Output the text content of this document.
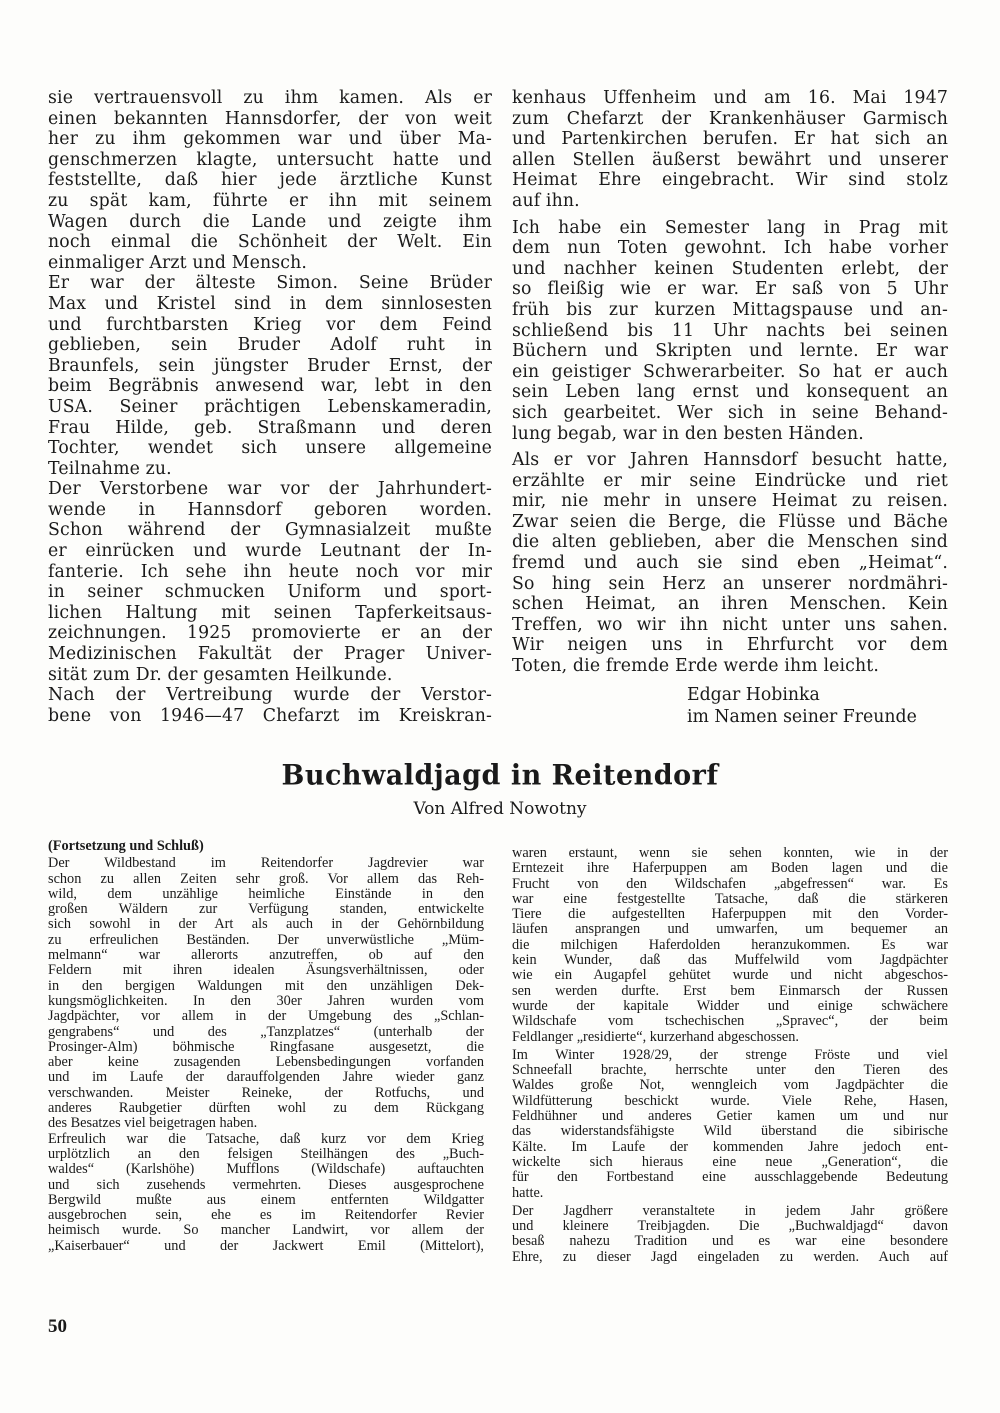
sie vertrauensvoll zu ihm kamen. Als er
einen bekannten Hannsdorfer, der von weit
her zu ihm gekommen war und über Ma-
genschmerzen klagte, untersucht hatte und
feststellte, daß hier jede ärztliche Kunst
zu spät kam, führte er ihn mit seinem
Wagen durch die Lande und zeigte ihm
noch einmal die Schönheit der Welt. Ein
einmaliger Arzt und Mensch.
Er war der älteste Simon. Seine Brüder
Max und Kristel sind in dem sinnlosesten
und furchtbarsten Krieg vor dem Feind
geblieben, sein Bruder Adolf ruht in
Braunfels, sein jüngster Bruder Ernst, der
beim Begräbnis anwesend war, lebt in den
USA. Seiner prächtigen Lebenskameradin,
Frau Hilde, geb. Straßmann und deren
Tochter, wendet sich unsere allgemeine
Teilnahme zu.
Der Verstorbene war vor der Jahrhundert-
wende in Hannsdorf geboren worden.
Schon während der Gymnasialzeit mußte
er einrücken und wurde Leutnant der In-
fanterie. Ich sehe ihn heute noch vor mir
in seiner schmucken Uniform und sport-
lichen Haltung mit seinen Tapferkeitsaus-
zeichnungen. 1925 promovierte er an der
Medizinischen Fakultät der Prager Univer-
sität zum Dr. der gesamten Heilkunde.
Nach der Vertreibung wurde der Verstor-
bene von 1946—47 Chefarzt im Kreiskran-
kenhaus Uffenheim und am 16. Mai 1947
zum Chefarzt der Krankenhäuser Garmisch
und Partenkirchen berufen. Er hat sich an
allen Stellen äußerst bewährt und unserer
Heimat Ehre eingebracht. Wir sind stolz
auf ihn.
Ich habe ein Semester lang in Prag mit
dem nun Toten gewohnt. Ich habe vorher
und nachher keinen Studenten erlebt, der
so fleißig wie er war. Er saß von 5 Uhr
früh bis zur kurzen Mittagspause und an-
schließend bis 11 Uhr nachts bei seinen
Büchern und Skripten und lernte. Er war
ein geistiger Schwerarbeiter. So hat er auch
sein Leben lang ernst und konsequent an
sich gearbeitet. Wer sich in seine Behand-
lung begab, war in den besten Händen.
Als er vor Jahren Hannsdorf besucht hatte,
erzählte er mir seine Eindrücke und riet
mir, nie mehr in unsere Heimat zu reisen.
Zwar seien die Berge, die Flüsse und Bäche
die alten geblieben, aber die Menschen sind
fremd und auch sie sind eben „Heimat“.
So hing sein Herz an unserer nordmähri-
schen Heimat, an ihren Menschen. Kein
Treffen, wo wir ihn nicht unter uns sahen.
Wir neigen uns in Ehrfurcht vor dem
Toten, die fremde Erde werde ihm leicht.
Edgar Hobinka
im Namen seiner Freunde
Buchwaldjagd in Reitendorf
Von Alfred Nowotny
(Fortsetzung und Schluß)
Der Wildbestand im Reitendorfer Jagdrevier war
schon zu allen Zeiten sehr groß. Vor allem das Reh-
wild, dem unzählige heimliche Einstände in den
großen Wäldern zur Verfügung standen, entwickelte
sich sowohl in der Art als auch in der Gehörnbildung
zu erfreulichen Beständen. Der unverwüstliche „Müm-
melmann“ war allerorts anzutreffen, ob auf den
Feldern mit ihren idealen Äsungsverhältnissen, oder
in den bergigen Waldungen mit den unzähligen Dek-
kungsmöglichkeiten. In den 30er Jahren wurden vom
Jagdpächter, vor allem in der Umgebung des „Schlan-
gengrabens“ und des „Tanzplatzes“ (unterhalb der
Prosinger-Alm) böhmische Ringfasane ausgesetzt, die
aber keine zusagenden Lebensbedingungen vorfanden
und im Laufe der darauffolgenden Jahre wieder ganz
verschwanden. Meister Reineke, der Rotfuchs, und
anderes Raubgetier dürften wohl zu dem Rückgang
des Besatzes viel beigetragen haben.
Erfreulich war die Tatsache, daß kurz vor dem Krieg
urplötzlich an den felsigen Steilhängen des „Buch-
waldes“ (Karlshöhe) Mufflons (Wildschafe) auftauchten
und sich zusehends vermehrten. Dieses ausgesprochene
Bergwild mußte aus einem entfernten Wildgatter
ausgebrochen sein, ehe es im Reitendorfer Revier
heimisch wurde. So mancher Landwirt, vor allem der
„Kaiserbauer“ und der Jackwert Emil (Mittelort),
waren erstaunt, wenn sie sehen konnten, wie in der
Erntezeit ihre Haferpuppen am Boden lagen und die
Frucht von den Wildschafen „abgefressen“ war. Es
war eine festgestellte Tatsache, daß die stärkeren
Tiere die aufgestellten Haferpuppen mit den Vorder-
läufen ansprangen und umwarfen, um bequemer an
die milchigen Haferdolden heranzukommen. Es war
kein Wunder, daß das Muffelwild vom Jagdpächter
wie ein Augapfel gehütet wurde und nicht abgeschos-
sen werden durfte. Erst bem Einmarsch der Russen
wurde der kapitale Widder und einige schwächere
Wildschafe vom tschechischen „Spravec“, der beim
Feldlanger „residierte“, kurzerhand abgeschossen.
Im Winter 1928/29, der strenge Fröste und viel
Schneefall brachte, herrschte unter den Tieren des
Waldes große Not, wenngleich vom Jagdpächter die
Wildfütterung beschickt wurde. Viele Rehe, Hasen,
Feldhühner und anderes Getier kamen um und nur
das widerstandsfähigste Wild überstand die sibirische
Kälte. Im Laufe der kommenden Jahre jedoch ent-
wickelte sich hieraus eine neue „Generation“, die
für den Fortbestand eine ausschlaggebende Bedeutung
hatte.
Der Jagdherr veranstaltete in jedem Jahr größere
und kleinere Treibjagden. Die „Buchwaldjagd“ davon
besaß nahezu Tradition und es war eine besondere
Ehre, zu dieser Jagd eingeladen zu werden. Auch auf
50
